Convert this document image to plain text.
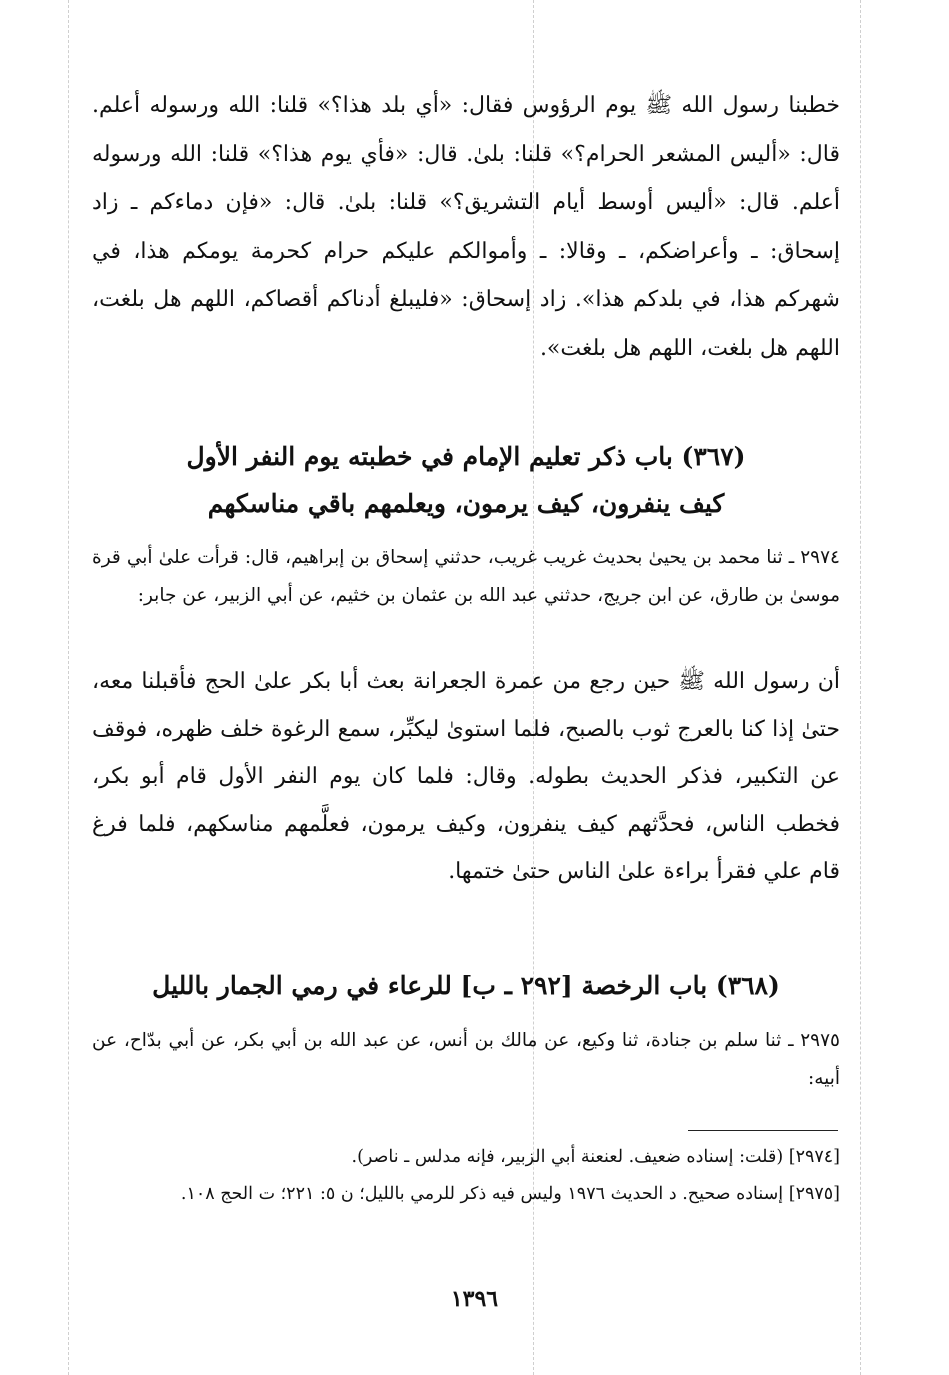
خطبنا رسول الله ﷺ يوم الرؤوس فقال: «أي بلد هذا؟» قلنا: الله ورسوله أعلم. قال: «أليس المشعر الحرام؟» قلنا: بلىٰ. قال: «فأي يوم هذا؟» قلنا: الله ورسوله أعلم. قال: «أليس أوسط أيام التشريق؟» قلنا: بلىٰ. قال: «فإن دماءكم ـ زاد إسحاق: ـ وأعراضكم، ـ وقالا: ـ وأموالكم عليكم حرام كحرمة يومكم هذا، في شهركم هذا، في بلدكم هذا». زاد إسحاق: «فليبلغ أدناكم أقصاكم، اللهم هل بلغت، اللهم هل بلغت، اللهم هل بلغت».

(٣٦٧) باب ذكر تعليم الإمام في خطبته يوم النفر الأول
كيف ينفرون، كيف يرمون، ويعلمهم باقي مناسكهم

٢٩٧٤ ـ ثنا محمد بن يحيىٰ بحديث غريب غريب، حدثني إسحاق بن إبراهيم، قال: قرأت علىٰ أبي قرة موسىٰ بن طارق، عن ابن جريج، حدثني عبد الله بن عثمان بن خثيم، عن أبي الزبير، عن جابر:

أن رسول الله ﷺ حين رجع من عمرة الجعرانة بعث أبا بكر علىٰ الحج فأقبلنا معه، حتىٰ إذا كنا بالعرج ثوب بالصبح، فلما استوىٰ ليكبِّر، سمع الرغوة خلف ظهره، فوقف عن التكبير، فذكر الحديث بطوله. وقال: فلما كان يوم النفر الأول قام أبو بكر، فخطب الناس، فحدَّثهم كيف ينفرون، وكيف يرمون، فعلَّمهم مناسكهم، فلما فرغ قام علي فقرأ براءة علىٰ الناس حتىٰ ختمها.

(٣٦٨) باب الرخصة [٢٩٢ ـ ب] للرعاء في رمي الجمار بالليل

٢٩٧٥ ـ ثنا سلم بن جنادة، ثنا وكيع، عن مالك بن أنس، عن عبد الله بن أبي بكر، عن أبي بدّاح، عن أبيه:

[٢٩٧٤] (قلت: إسناده ضعيف. لعنعنة أبي الزبير، فإنه مدلس ـ ناصر).

[٢٩٧٥] إسناده صحيح. د الحديث ١٩٧٦ وليس فيه ذكر للرمي بالليل؛ ن ٥: ٢٢١؛ ت الحج ١٠٨.

١٣٩٦
